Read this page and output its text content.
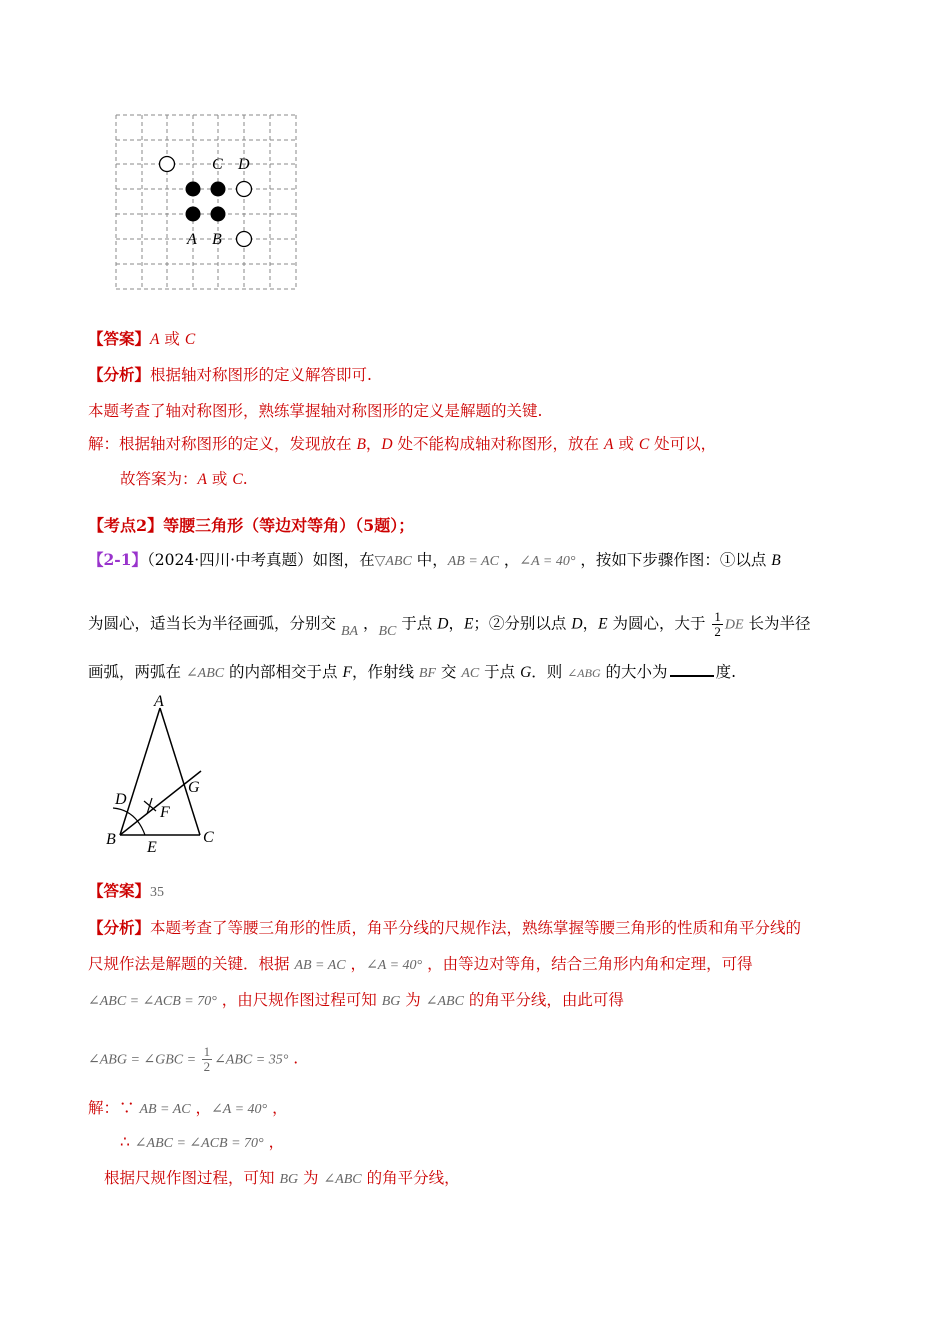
C D
A B
【答案】A 或 C
【分析】根据轴对称图形的定义解答即可.
本题考查了轴对称图形，熟练掌握轴对称图形的定义是解题的关键.
解：根据轴对称图形的定义，发现放在 B，D 处不能构成轴对称图形，放在 A 或 C 处可以，
故答案为：A 或 C.
【考点2】等腰三角形（等边对等角）（5题）；
【2-1】（2024·四川·中考真题）如图，在▽ABC 中，AB = AC ，∠A = 40° ，按如下步骤作图：①以点 B
为圆心，适当长为半径画弧，分别交 BA ，BC 于点 D，E；②分别以点 D，E 为圆心，大于 $\frac{1}{2}$ DE 长为半径
画弧，两弧在 ∠ABC 的内部相交于点 F，作射线 BF 交 AC 于点 G．则 ∠ABG 的大小为	度.
A
B	C
D
E
F
G
【答案】35
【分析】本题考查了等腰三角形的性质，角平分线的尺规作法，熟练掌握等腰三角形的性质和角平分线的
尺规作法是解题的关键．根据 AB = AC ，∠A = 40° ，由等边对等角，结合三角形内角和定理，可得
∠ABC = ∠ACB = 70° ，由尺规作图过程可知 BG 为 ∠ABC 的角平分线，由此可得
∠ABG = ∠GBC = $\frac{1}{2}$ ∠ABC = 35° .
解：∵ AB = AC ，∠A = 40° ，
∴ ∠ABC = ∠ACB = 70° ，
根据尺规作图过程，可知 BG 为 ∠ABC 的角平分线，
